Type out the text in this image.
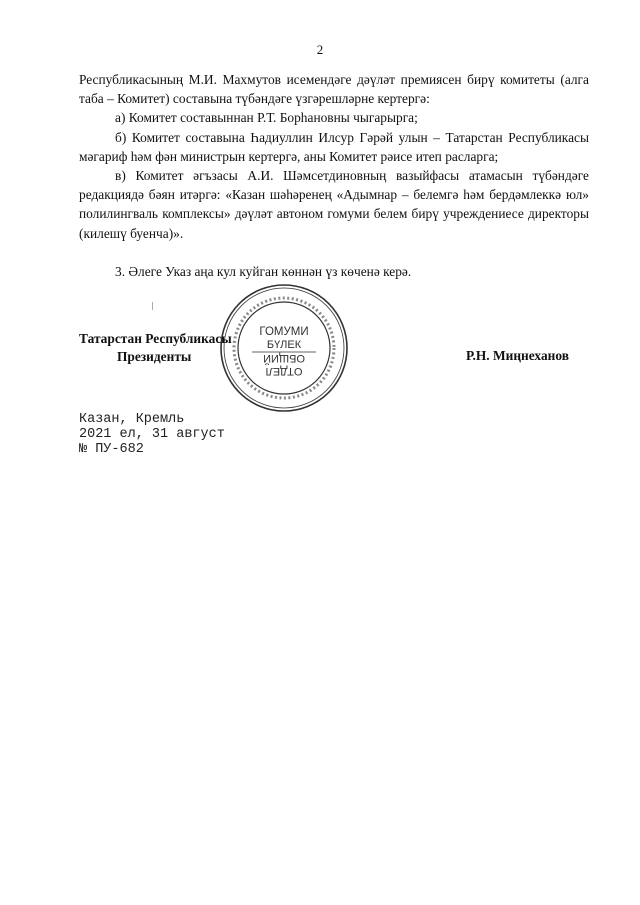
2

Республикасының М.И. Махмутов исемендәге дәүләт премиясен бирү комитеты (алга таба – Комитет) составына түбәндәге үзгәрешләрне кертергә:

а) Комитет составыннан Р.Т. Борһановны чыгарырга;

б) Комитет составына Һадиуллин Илсур Гәрәй улын – Татарстан Республикасы мәгариф һәм фән министрын кертергә, аны Комитет рәисе итеп расларга;

в) Комитет әгъзасы А.И. Шәмсетдиновның вазыйфасы атамасын түбәндәге редакциядә бәян итәргә: «Казан шәһәренең «Адымнар – белемгә һәм бердәмлеккә юл» полилингваль комплексы» дәүләт автоном гомуми белем бирү учреждениесе директоры (килешү буенча)».

3. Әлеге Указ аңа кул куйган көннән үз көченә керә.

ГОМУМИ
БҮЛЕК
ОТДЕЛ
ОБЩИЙ
Татарстан Республикасы
Президенты	Р.Н. Миңнеханов
Казан, Кремль
2021 ел, 31 август
№ ПУ-682
